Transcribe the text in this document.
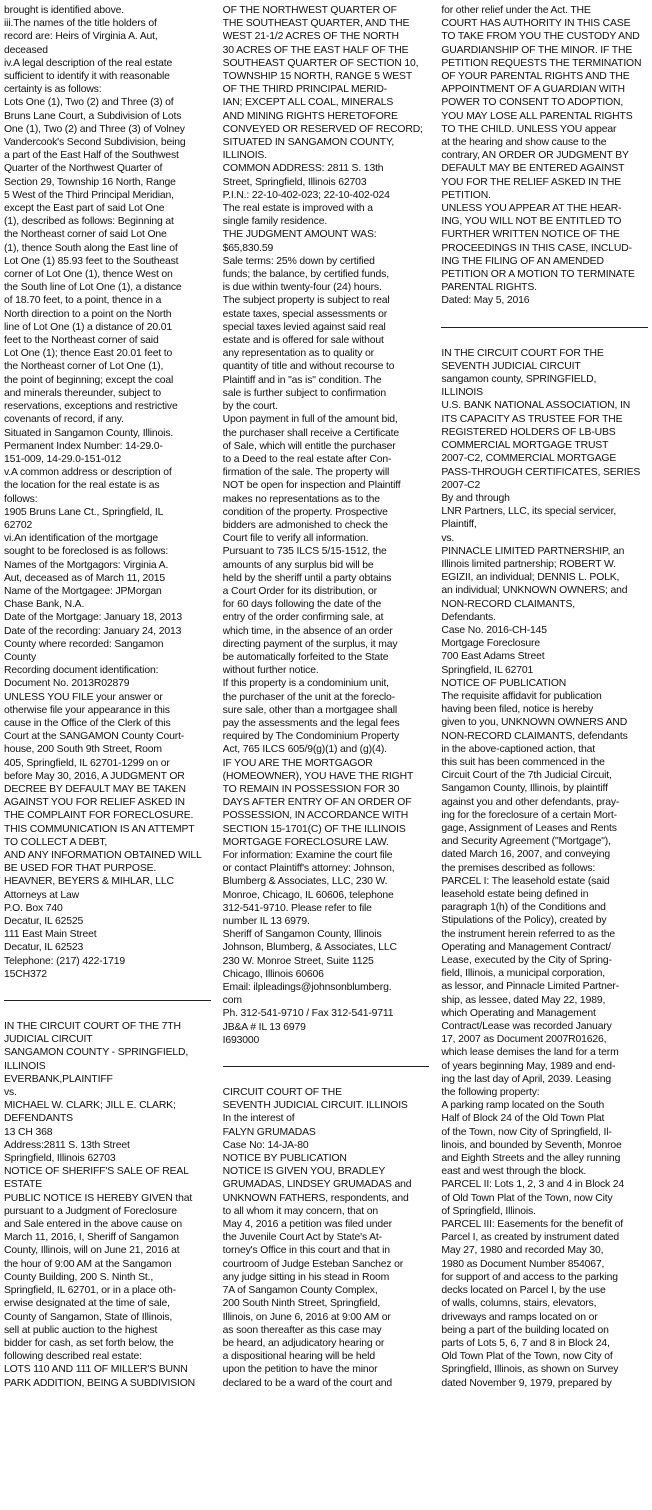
brought is identified above.
iii.The names of the title holders of
record are: Heirs of Virginia A. Aut,
deceased
iv.A legal description of the real estate
sufficient to identify it with reasonable
certainty is as follows:
Lots One (1), Two (2) and Three (3) of
Bruns Lane Court, a Subdivision of Lots
One (1), Two (2) and Three (3) of Volney
Vandercook's Second Subdivision, being
a part of the East Half of the Southwest
Quarter of the Northwest Quarter of
Section 29, Township 16 North, Range
5 West of the Third Principal Meridian,
except the East part of said Lot One
(1), described as follows: Beginning at
the Northeast corner of said Lot One
(1), thence South along the East line of
Lot One (1) 85.93 feet to the Southeast
corner of Lot One (1), thence West on
the South line of Lot One (1), a distance
of 18.70 feet, to a point, thence in a
North direction to a point on the North
line of Lot One (1) a distance of 20.01
feet to the Northeast corner of said
Lot One (1); thence East 20.01 feet to
the Northeast corner of Lot One (1),
the point of beginning; except the coal
and minerals thereunder, subject to
reservations, exceptions and restrictive
covenants of record, if any.
Situated in Sangamon County, Illinois.
Permanent Index Number: 14-29.0-
151-009, 14-29.0-151-012
v.A common address or description of
the location for the real estate is as
follows:
1905 Bruns Lane Ct., Springfield, IL
62702
vi.An identification of the mortgage
sought to be foreclosed is as follows:
Names of the Mortgagors: Virginia A.
Aut, deceased as of March 11, 2015
Name of the Mortgagee: JPMorgan
Chase Bank, N.A.
Date of the Mortgage: January 18, 2013
Date of the recording: January 24, 2013
County where recorded: Sangamon
County
Recording document identification:
Document No. 2013R02879
UNLESS YOU FILE your answer or
otherwise file your appearance in this
cause in the Office of the Clerk of this
Court at the SANGAMON County Court-
house, 200 South 9th Street, Room
405, Springfield, IL 62701-1299 on or
before May 30, 2016, A JUDGMENT OR
DECREE BY DEFAULT MAY BE TAKEN
AGAINST YOU FOR RELIEF ASKED IN
THE COMPLAINT FOR FORECLOSURE.
THIS COMMUNICATION IS AN ATTEMPT
TO COLLECT A DEBT,
AND ANY INFORMATION OBTAINED WILL
BE USED FOR THAT PURPOSE.
HEAVNER, BEYERS & MIHLAR, LLC
Attorneys at Law
P.O. Box 740
Decatur, IL 62525
111 East Main Street
Decatur, IL 62523
Telephone: (217) 422-1719
15CH372
IN THE CIRCUIT COURT OF THE 7TH
JUDICIAL CIRCUIT
SANGAMON COUNTY - SPRINGFIELD,
ILLINOIS
EVERBANK,PLAINTIFF
vs.
MICHAEL W. CLARK; JILL E. CLARK;
DEFENDANTS
13 CH 368
Address:2811 S. 13th Street
Springfield, Illinois 62703
NOTICE OF SHERIFF'S SALE OF REAL
ESTATE
PUBLIC NOTICE IS HEREBY GIVEN that
pursuant to a Judgment of Foreclosure
and Sale entered in the above cause on
March 11, 2016, I, Sheriff of Sangamon
County, Illinois, will on June 21, 2016 at
the hour of 9:00 AM at the Sangamon
County Building, 200 S. Ninth St.,
Springfield, IL 62701, or in a place oth-
erwise designated at the time of sale,
County of Sangamon, State of Illinois,
sell at public auction to the highest
bidder for cash, as set forth below, the
following described real estate:
LOTS 110 AND 111 OF MILLER'S BUNN
PARK ADDITION, BEING A SUBDIVISION
OF THE NORTHWEST QUARTER OF
THE SOUTHEAST QUARTER, AND THE
WEST 21-1/2 ACRES OF THE NORTH
30 ACRES OF THE EAST HALF OF THE
SOUTHEAST QUARTER OF SECTION 10,
TOWNSHIP 15 NORTH, RANGE 5 WEST
OF THE THIRD PRINCIPAL MERID-
IAN; EXCEPT ALL COAL, MINERALS
AND MINING RIGHTS HERETOFORE
CONVEYED OR RESERVED OF RECORD;
SITUATED IN SANGAMON COUNTY,
ILLINOIS.
COMMON ADDRESS: 2811 S. 13th
Street, Springfield, Illinois 62703
P.I.N.: 22-10-402-023; 22-10-402-024
The real estate is improved with a
single family residence.
THE JUDGMENT AMOUNT WAS:
$65,830.59
Sale terms: 25% down by certified
funds; the balance, by certified funds,
is due within twenty-four (24) hours.
The subject property is subject to real
estate taxes, special assessments or
special taxes levied against said real
estate and is offered for sale without
any representation as to quality or
quantity of title and without recourse to
Plaintiff and in "as is" condition. The
sale is further subject to confirmation
by the court.
Upon payment in full of the amount bid,
the purchaser shall receive a Certificate
of Sale, which will entitle the purchaser
to a Deed to the real estate after Con-
firmation of the sale. The property will
NOT be open for inspection and Plaintiff
makes no representations as to the
condition of the property. Prospective
bidders are admonished to check the
Court file to verify all information.
Pursuant to 735 ILCS 5/15-1512, the
amounts of any surplus bid will be
held by the sheriff until a party obtains
a Court Order for its distribution, or
for 60 days following the date of the
entry of the order confirming sale, at
which time, in the absence of an order
directing payment of the surplus, it may
be automatically forfeited to the State
without further notice.
If this property is a condominium unit,
the purchaser of the unit at the foreclo-
sure sale, other than a mortgagee shall
pay the assessments and the legal fees
required by The Condominium Property
Act, 765 ILCS 605/9(g)(1) and (g)(4).
IF YOU ARE THE MORTGAGOR
(HOMEOWNER), YOU HAVE THE RIGHT
TO REMAIN IN POSSESSION FOR 30
DAYS AFTER ENTRY OF AN ORDER OF
POSSESSION, IN ACCORDANCE WITH
SECTION 15-1701(C) OF THE ILLINOIS
MORTGAGE FORECLOSURE LAW.
For information: Examine the court file
or contact Plaintiff's attorney: Johnson,
Blumberg & Associates, LLC, 230 W.
Monroe, Chicago, IL 60606, telephone
312-541-9710. Please refer to file
number IL 13 6979.
Sheriff of Sangamon County, Illinois
Johnson, Blumberg, & Associates, LLC
230 W. Monroe Street, Suite 1125
Chicago, Illinois 60606
Email: ilpleadings@johnsonblumberg.
com
Ph. 312-541-9710 / Fax 312-541-9711
JB&A # IL 13 6979
I693000
CIRCUIT COURT OF THE
SEVENTH JUDICIAL CIRCUIT. ILLINOIS
In the interest of
FALYN GRUMADAS
Case No: 14-JA-80
NOTICE BY PUBLICATION
NOTICE IS GIVEN YOU, BRADLEY
GRUMADAS, LINDSEY GRUMADAS and
UNKNOWN FATHERS, respondents, and
to all whom it may concern, that on
May 4, 2016 a petition was filed under
the Juvenile Court Act by State's At-
torney's Office in this court and that in
courtroom of Judge Esteban Sanchez or
any judge sitting in his stead in Room
7A of Sangamon County Complex,
200 South Ninth Street, Springfield,
Illinois, on June 6, 2016 at 9:00 AM or
as soon thereafter as this case may
be heard, an adjudicatory hearing or
a dispositional hearing will be held
upon the petition to have the minor
declared to be a ward of the court and
for other relief under the Act. THE
COURT HAS AUTHORITY IN THIS CASE
TO TAKE FROM YOU THE CUSTODY AND
GUARDIANSHIP OF THE MINOR. IF THE
PETITION REQUESTS THE TERMINATION
OF YOUR PARENTAL RIGHTS AND THE
APPOINTMENT OF A GUARDIAN WITH
POWER TO CONSENT TO ADOPTION,
YOU MAY LOSE ALL PARENTAL RIGHTS
TO THE CHILD. UNLESS YOU appear
at the hearing and show cause to the
contrary, AN ORDER OR JUDGMENT BY
DEFAULT MAY BE ENTERED AGAINST
YOU FOR THE RELIEF ASKED IN THE
PETITION.
UNLESS YOU APPEAR AT THE HEAR-
ING, YOU WILL NOT BE ENTITLED TO
FURTHER WRITTEN NOTICE OF THE
PROCEEDINGS IN THIS CASE, INCLUD-
ING THE FILING OF AN AMENDED
PETITION OR A MOTION TO TERMINATE
PARENTAL RIGHTS.
Dated: May 5, 2016
IN THE CIRCUIT COURT FOR THE
SEVENTH JUDICIAL CIRCUIT
sangamon county, SPRINGFIELD,
ILLINOIS
U.S. BANK NATIONAL ASSOCIATION, IN
ITS CAPACITY AS TRUSTEE FOR THE
REGISTERED HOLDERS OF LB-UBS
COMMERCIAL MORTGAGE TRUST
2007-C2, COMMERCIAL MORTGAGE
PASS-THROUGH CERTIFICATES, SERIES
2007-C2
By and through
LNR Partners, LLC, its special servicer,
Plaintiff,
vs.
PINNACLE LIMITED PARTNERSHIP, an
Illinois limited partnership; ROBERT W.
EGIZII, an individual; DENNIS L. POLK,
an individual; UNKNOWN OWNERS; and
NON-RECORD CLAIMANTS,
Defendants.
Case No. 2016-CH-145
Mortgage Foreclosure
700 East Adams Street
Springfield, IL 62701
NOTICE OF PUBLICATION
The requisite affidavit for publication
having been filed, notice is hereby
given to you, UNKNOWN OWNERS AND
NON-RECORD CLAIMANTS, defendants
in the above-captioned action, that
this suit has been commenced in the
Circuit Court of the 7th Judicial Circuit,
Sangamon County, Illinois, by plaintiff
against you and other defendants, pray-
ing for the foreclosure of a certain Mort-
gage, Assignment of Leases and Rents
and Security Agreement ("Mortgage"),
dated March 16, 2007, and conveying
the premises described as follows:
PARCEL I: The leasehold estate (said
leasehold estate being defined in
paragraph 1(h) of the Conditions and
Stipulations of the Policy), created by
the instrument herein referred to as the
Operating and Management Contract/
Lease, executed by the City of Spring-
field, Illinois, a municipal corporation,
as lessor, and Pinnacle Limited Partner-
ship, as lessee, dated May 22, 1989,
which Operating and Management
Contract/Lease was recorded January
17, 2007 as Document 2007R01626,
which lease demises the land for a term
of years beginning May, 1989 and end-
ing the last day of April, 2039. Leasing
the following property:
A parking ramp located on the South
Half of Block 24 of the Old Town Plat
of the Town, now City of Springfield, Il-
linois, and bounded by Seventh, Monroe
and Eighth Streets and the alley running
east and west through the block.
PARCEL II: Lots 1, 2, 3 and 4 in Block 24
of Old Town Plat of the Town, now City
of Springfield, Illinois.
PARCEL III: Easements for the benefit of
Parcel I, as created by instrument dated
May 27, 1980 and recorded May 30,
1980 as Document Number 854067,
for support of and access to the parking
decks located on Parcel I, by the use
of walls, columns, stairs, elevators,
driveways and ramps located on or
being a part of the building located on
parts of Lots 5, 6, 7 and 8 in Block 24,
Old Town Plat of the Town, now City of
Springfield, Illinois, as shown on Survey
dated November 9, 1979, prepared by
